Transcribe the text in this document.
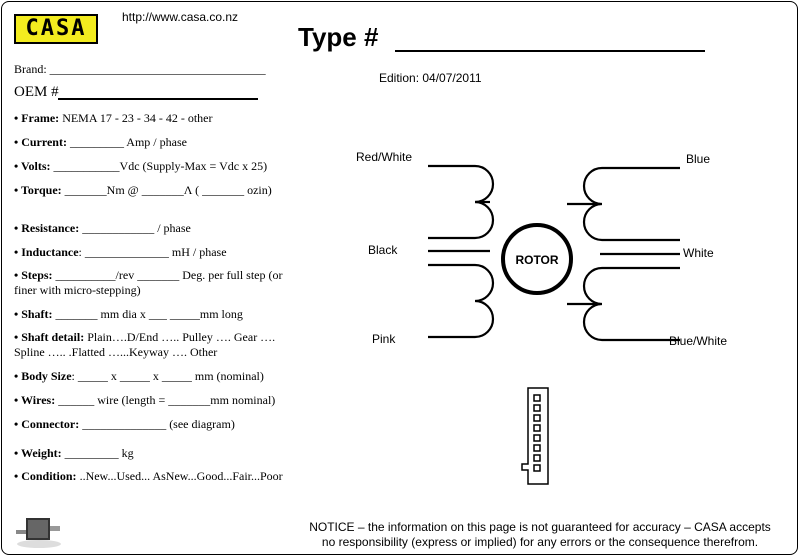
CASA	http://www.casa.co.nz
Type #
Edition: 04/07/2011
Brand: ____________________________________
OEM #
• Frame: NEMA 17 - 23 - 34 - 42 - other
• Current: _________ Amp / phase
• Volts: ___________Vdc (Supply-Max = Vdc x 25)
• Torque: _______Nm @ _______Λ ( _______ ozin)
• Resistance: ____________ / phase
• Inductance: ______________ mH / phase
• Steps: __________/rev _______ Deg. per full step (or finer with micro-stepping)
• Shaft: _______ mm dia x ___ _____mm long
• Shaft detail: Plain….D/End ….. Pulley …. Gear …. Spline ….. .Flatted …...Keyway …. Other
• Body Size: _____ x _____ x _____ mm (nominal)
• Wires: ______ wire (length = _______mm nominal)
• Connector: ______________ (see diagram)
• Weight: _________ kg
• Condition: ..New...Used... AsNew...Good...Fair...Poor
ROTOR
Red/White
Black
Pink
Blue
White
Blue/White
NOTICE – the information on this page is not guaranteed for accuracy – CASA accepts
no responsibility (express or implied) for any errors or the consequence therefrom.
